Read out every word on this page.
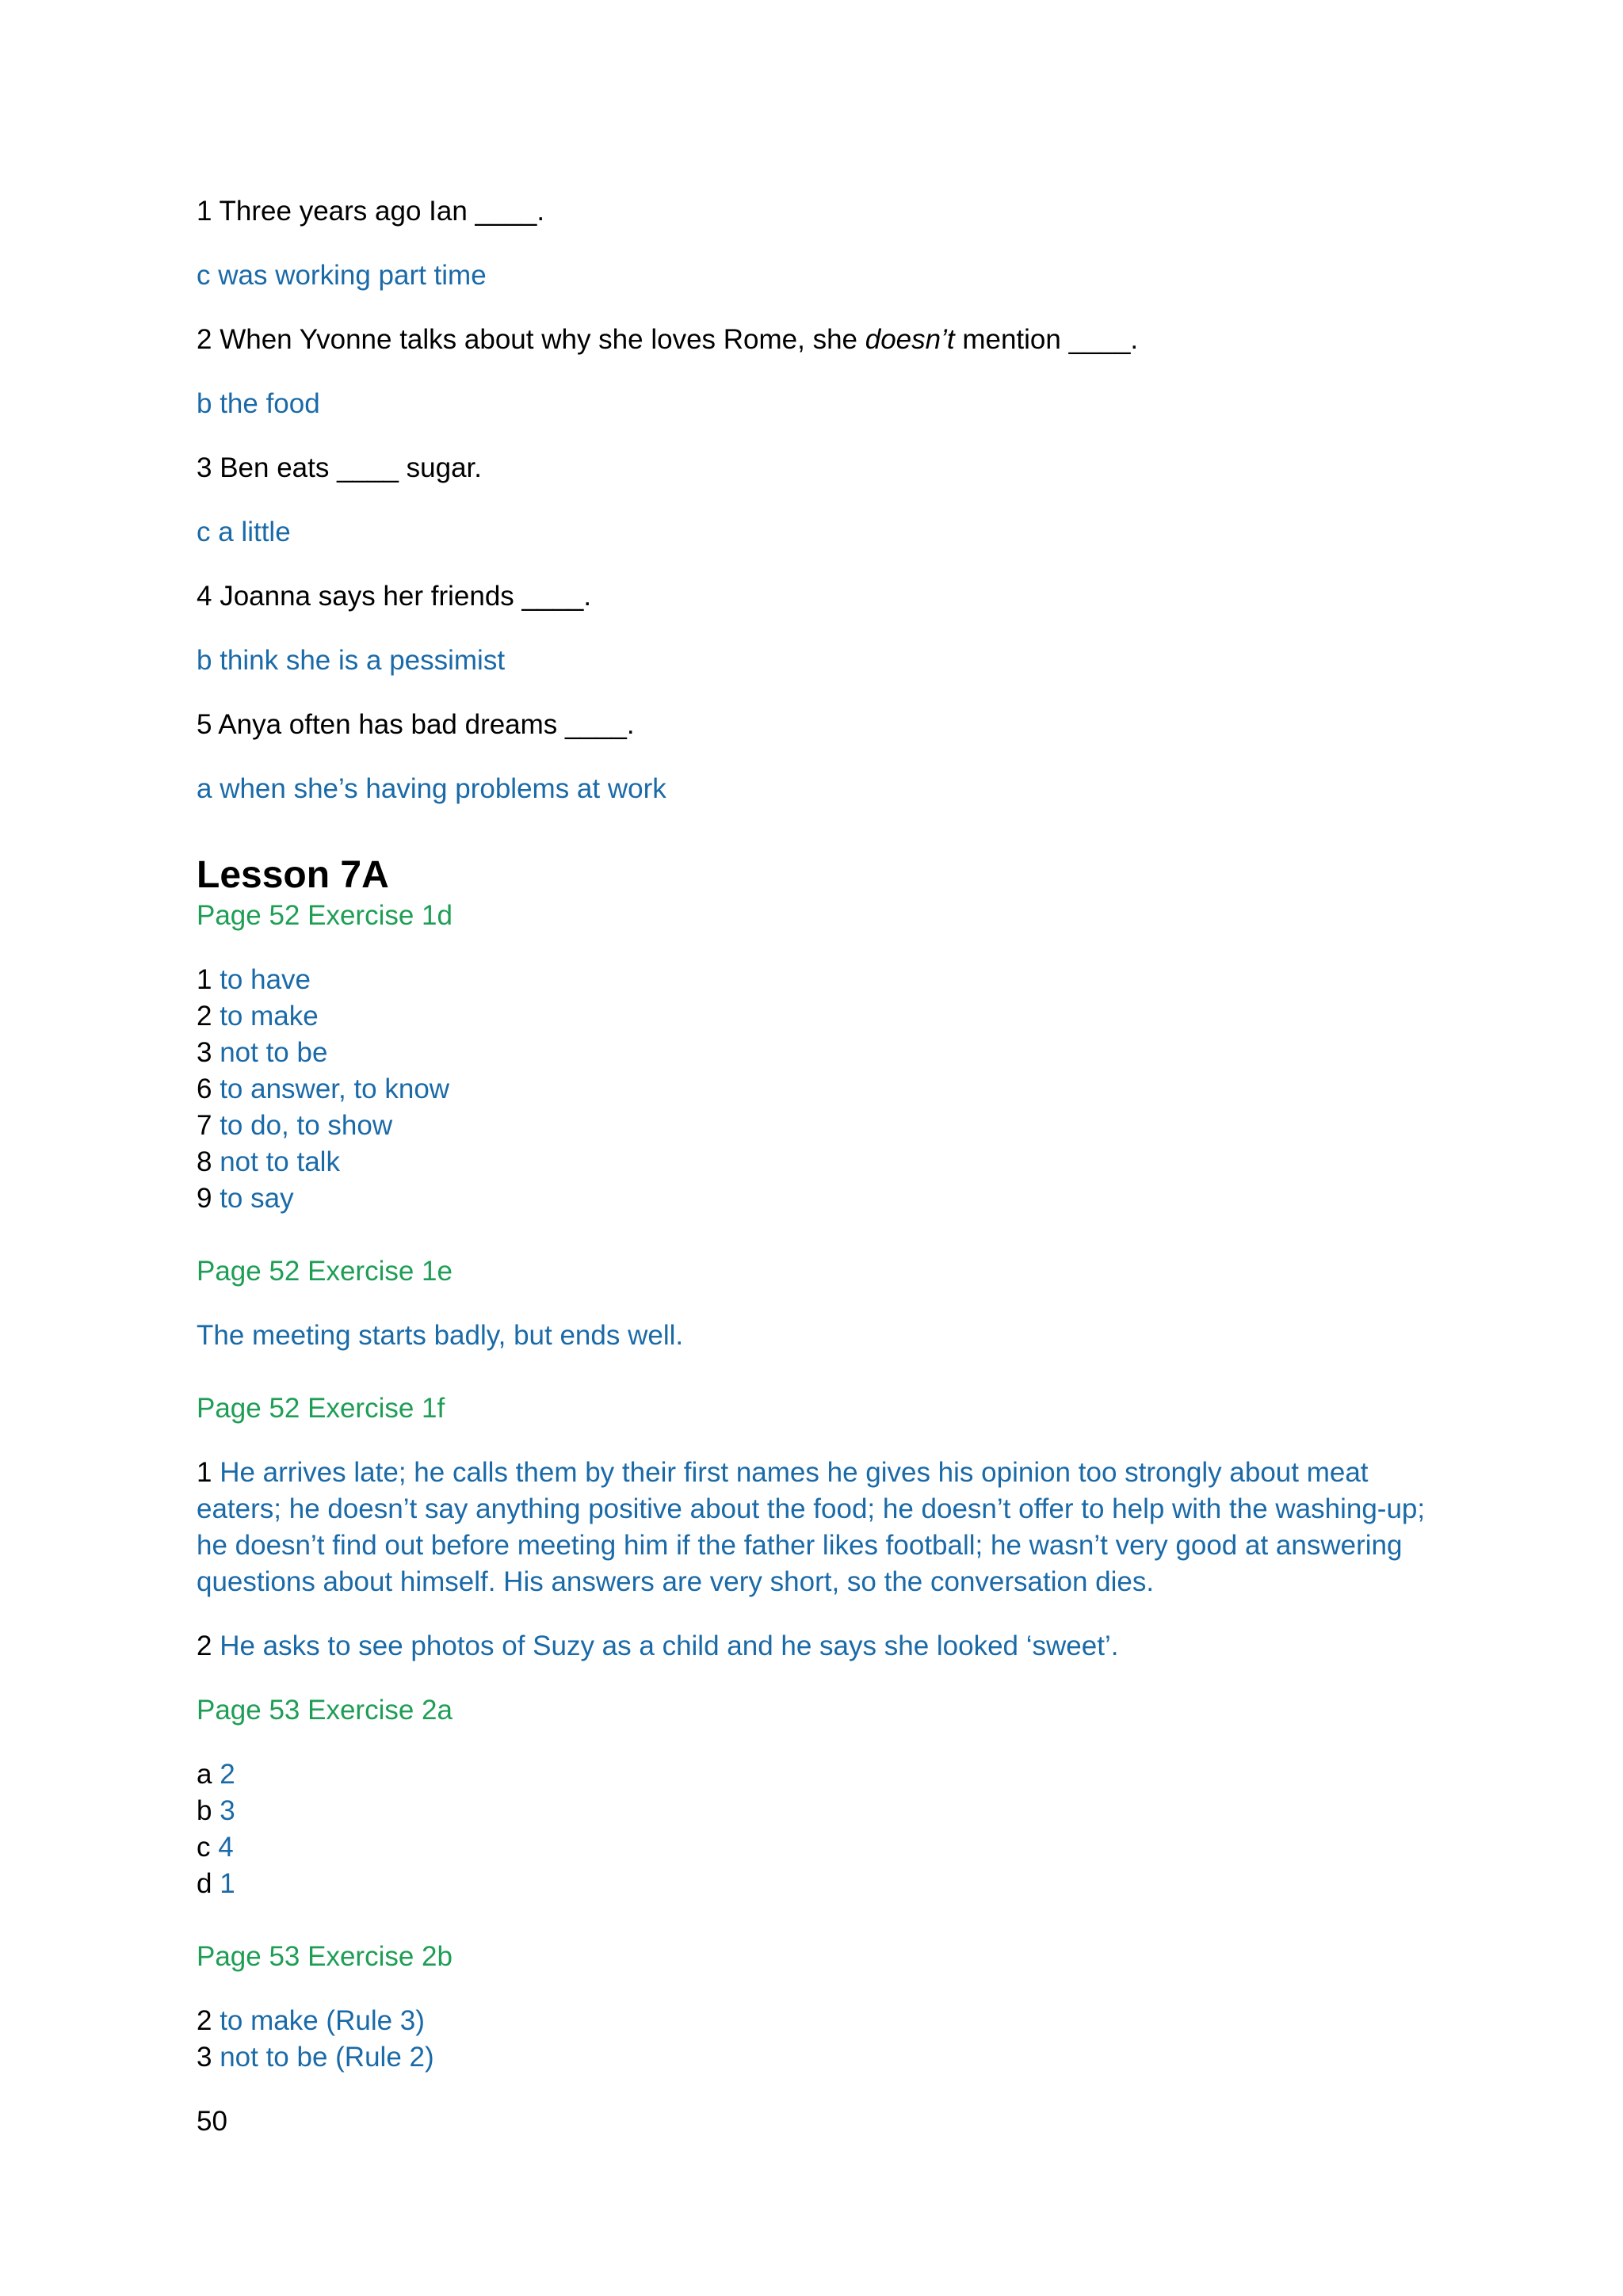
1 Three years ago Ian ____.

c was working part time

2 When Yvonne talks about why she loves Rome, she doesn’t mention ____.

b the food

3 Ben eats ____ sugar.

c a little

4 Joanna says her friends ____.

b think she is a pessimist

5 Anya often has bad dreams ____.

a when she’s having problems at work

Lesson 7A

Page 52 Exercise 1d

1 to have
2 to make
3 not to be
6 to answer, to know
7 to do, to show
8 not to talk
9 to say

Page 52 Exercise 1e

The meeting starts badly, but ends well.

Page 52 Exercise 1f

1 He arrives late; he calls them by their first names he gives his opinion too strongly about meat eaters; he doesn’t say anything positive about the food; he doesn’t offer to help with the washing-up; he doesn’t find out before meeting him if the father likes football; he wasn’t very good at answering questions about himself. His answers are very short, so the conversation dies.

2 He asks to see photos of Suzy as a child and he says she looked ‘sweet’.

Page 53 Exercise 2a

a 2
b 3
c 4
d 1

Page 53 Exercise 2b

2 to make (Rule 3)
3 not to be (Rule 2)

50
